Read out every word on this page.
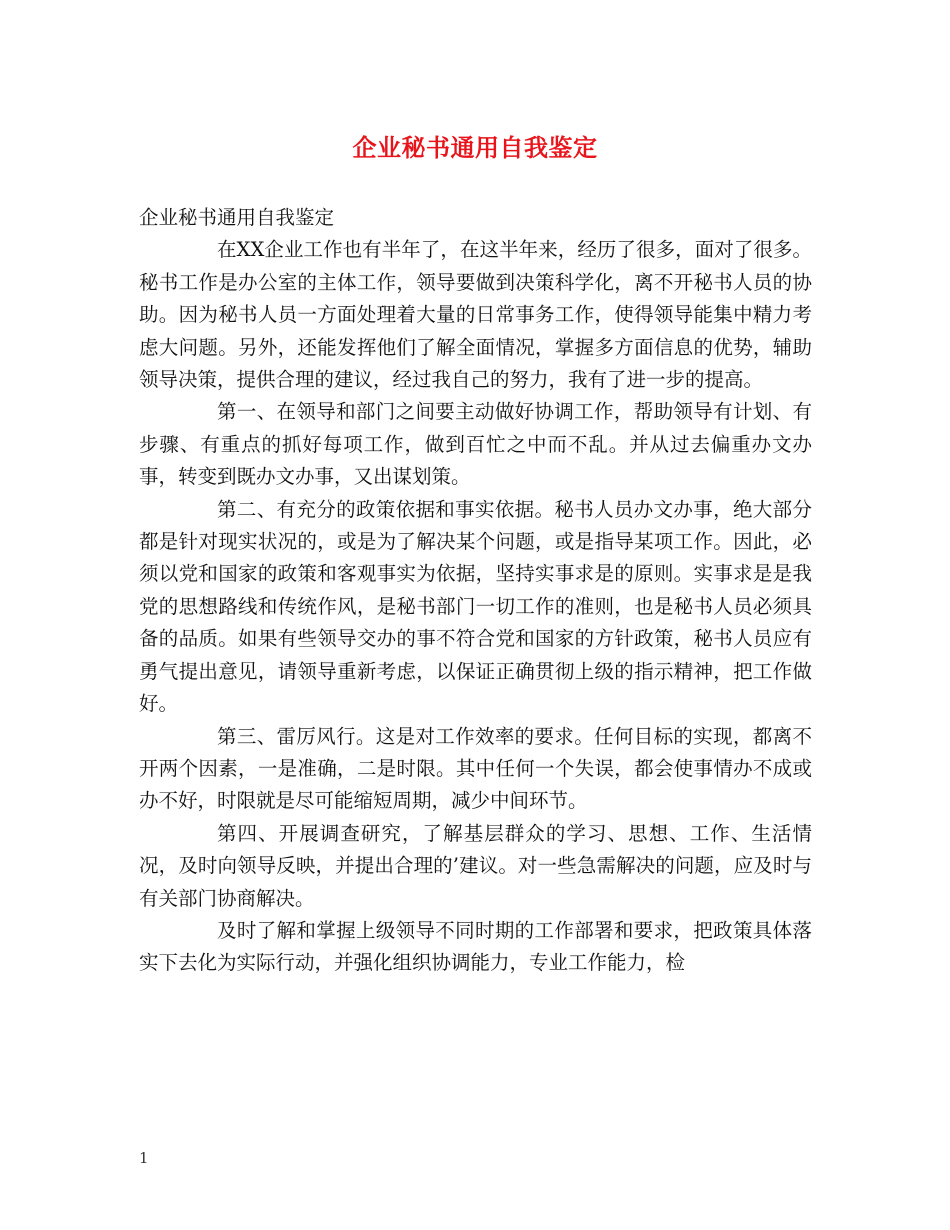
企业秘书通用自我鉴定

企业秘书通用自我鉴定

在XX企业工作也有半年了，在这半年来，经历了很多，面对了很多。秘书工作是办公室的主体工作，领导要做到决策科学化，离不开秘书人员的协助。因为秘书人员一方面处理着大量的日常事务工作，使得领导能集中精力考虑大问题。另外，还能发挥他们了解全面情况，掌握多方面信息的优势，辅助领导决策，提供合理的建议，经过我自己的努力，我有了进一步的提高。

第一、在领导和部门之间要主动做好协调工作，帮助领导有计划、有步骤、有重点的抓好每项工作，做到百忙之中而不乱。并从过去偏重办文办事，转变到既办文办事，又出谋划策。

第二、有充分的政策依据和事实依据。秘书人员办文办事，绝大部分都是针对现实状况的，或是为了解决某个问题，或是指导某项工作。因此，必须以党和国家的政策和客观事实为依据，坚持实事求是的原则。实事求是是我党的思想路线和传统作风，是秘书部门一切工作的准则，也是秘书人员必须具备的品质。如果有些领导交办的事不符合党和国家的方针政策，秘书人员应有勇气提出意见，请领导重新考虑，以保证正确贯彻上级的指示精神，把工作做好。

第三、雷厉风行。这是对工作效率的要求。任何目标的实现，都离不开两个因素，一是准确，二是时限。其中任何一个失误，都会使事情办不成或办不好，时限就是尽可能缩短周期，减少中间环节。

第四、开展调查研究，了解基层群众的学习、思想、工作、生活情况，及时向领导反映，并提出合理的’建议。对一些急需解决的问题，应及时与有关部门协商解决。

及时了解和掌握上级领导不同时期的工作部署和要求，把政策具体落实下去化为实际行动，并强化组织协调能力，专业工作能力，检

1
